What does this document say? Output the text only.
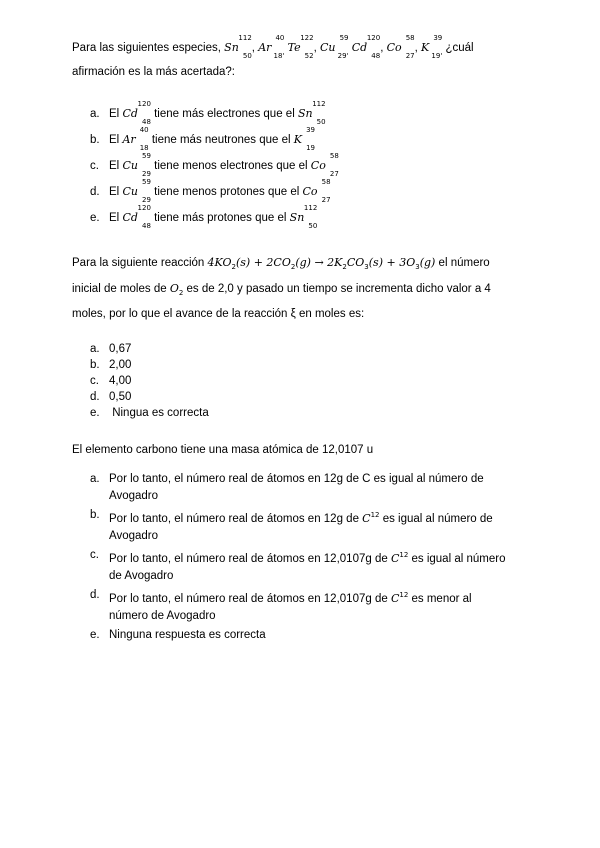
Para las siguientes especies, Sn
112
50
, Ar
40
18'
Te
122
52
, Cu
59
29'
Cd
120
48
, Co
58
27
, K
39
19'
¿cuál
afirmación es la más acertada?:

a. El Cd
120
48
tiene más electrones que el Sn
112
50
b. El Ar
40
18
tiene más neutrones que el K
39
19
c. El Cu
59
29
tiene menos electrones que el Co
58
27
d. El Cu
59
29
tiene menos protones que el Co
58
27
e. El Cd
120
48
tiene más protones que el Sn
112
50

Para la siguiente reacción $4KO_2(s) + 2CO_2(g) \to 2K_2CO_3(s) + 3O_3(g)$ el número
inicial de moles de $O_2$ es de 2,0 y pasado un tiempo se incrementa dicho valor a 4
moles, por lo que el avance de la reacción ξ en moles es:

a. 0,67
b. 2,00
c. 4,00
d. 0,50
e. Ningua es correcta

El elemento carbono tiene una masa atómica de 12,0107 u

a. Por lo tanto, el número real de átomos en 12g de C es igual al número de
Avogadro
b. Por lo tanto, el número real de átomos en 12g de $C^{12}$ es igual al número de
Avogadro
c. Por lo tanto, el número real de átomos en 12,0107g de $C^{12}$ es igual al número
de Avogadro
d. Por lo tanto, el número real de átomos en 12,0107g de $C^{12}$ es menor al
número de Avogadro
e. Ninguna respuesta es correcta
